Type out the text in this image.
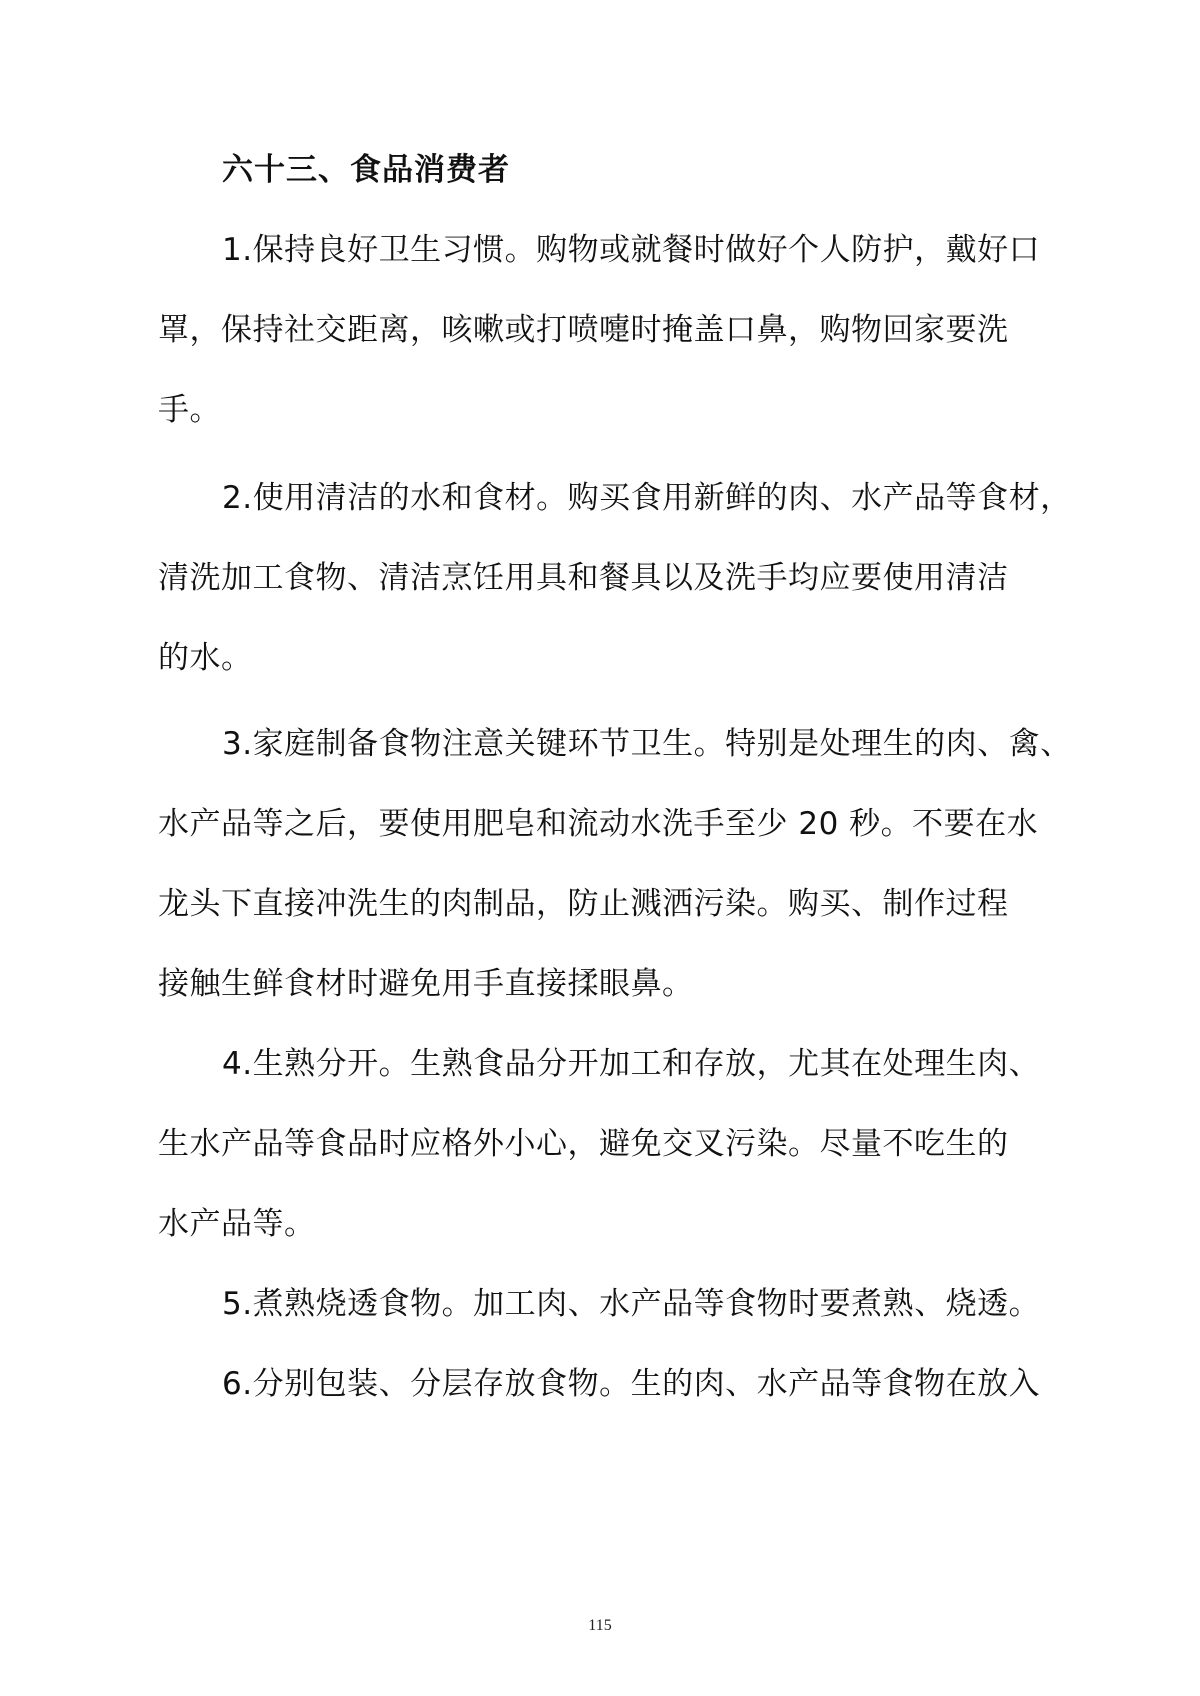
六十三、食品消费者
1.保持良好卫生习惯。购物或就餐时做好个人防护，戴好口
罩，保持社交距离，咳嗽或打喷嚏时掩盖口鼻，购物回家要洗
手。
2.使用清洁的水和食材。购买食用新鲜的肉、水产品等食材，
清洗加工食物、清洁烹饪用具和餐具以及洗手均应要使用清洁
的水。
3.家庭制备食物注意关键环节卫生。特别是处理生的肉、禽、
水产品等之后，要使用肥皂和流动水洗手至少 20 秒。不要在水
龙头下直接冲洗生的肉制品，防止溅洒污染。购买、制作过程
接触生鲜食材时避免用手直接揉眼鼻。
4.生熟分开。生熟食品分开加工和存放，尤其在处理生肉、
生水产品等食品时应格外小心，避免交叉污染。尽量不吃生的
水产品等。
5.煮熟烧透食物。加工肉、水产品等食物时要煮熟、烧透。
6.分别包装、分层存放食物。生的肉、水产品等食物在放入
115
